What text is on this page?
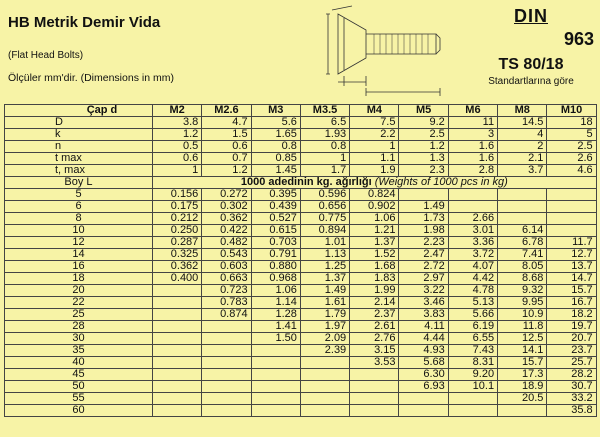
HB Metrik Demir Vida
(Flat Head Bolts)
Ölçüler mm'dir. (Dimensions in mm)
DIN
963
TS 80/18
Standartlarına göre
Çap d	M2	M2.6	M3	M3.5	M4	M5	M6	M8	M10
D	3.8	4.7	5.6	6.5	7.5	9.2	11	14.5	18
k	1.2	1.5	1.65	1.93	2.2	2.5	3	4	5
n	0.5	0.6	0.8	0.8	1	1.2	1.6	2	2.5
t max	0.6	0.7	0.85	1	1.1	1.3	1.6	2.1	2.6
t, max	1	1.2	1.45	1.7	1.9	2.3	2.8	3.7	4.6
Boy L	1000 adedinin kg. ağırlığı (Weights of 1000 pcs in kg)								
5	0.156	0.272	0.395	0.596	0.824				
6	0.175	0.302	0.439	0.656	0.902	1.49			
8	0.212	0.362	0.527	0.775	1.06	1.73	2.66		
10	0.250	0.422	0.615	0.894	1.21	1.98	3.01	6.14	
12	0.287	0.482	0.703	1.01	1.37	2.23	3.36	6.78	11.7
14	0.325	0.543	0.791	1.13	1.52	2.47	3.72	7.41	12.7
16	0.362	0.603	0.880	1.25	1.68	2.72	4.07	8.05	13.7
18	0.400	0.663	0.968	1.37	1.83	2.97	4.42	8.68	14.7
20		0.723	1.06	1.49	1.99	3.22	4.78	9.32	15.7
22		0.783	1.14	1.61	2.14	3.46	5.13	9.95	16.7
25		0.874	1.28	1.79	2.37	3.83	5.66	10.9	18.2
28			1.41	1.97	2.61	4.11	6.19	11.8	19.7
30			1.50	2.09	2.76	4.44	6.55	12.5	20.7
35				2.39	3.15	4.93	7.43	14.1	23.7
40					3.53	5.68	8.31	15.7	25.7
45						6.30	9.20	17.3	28.2
50						6.93	10.1	18.9	30.7
55								20.5	33.2
60									35.8
